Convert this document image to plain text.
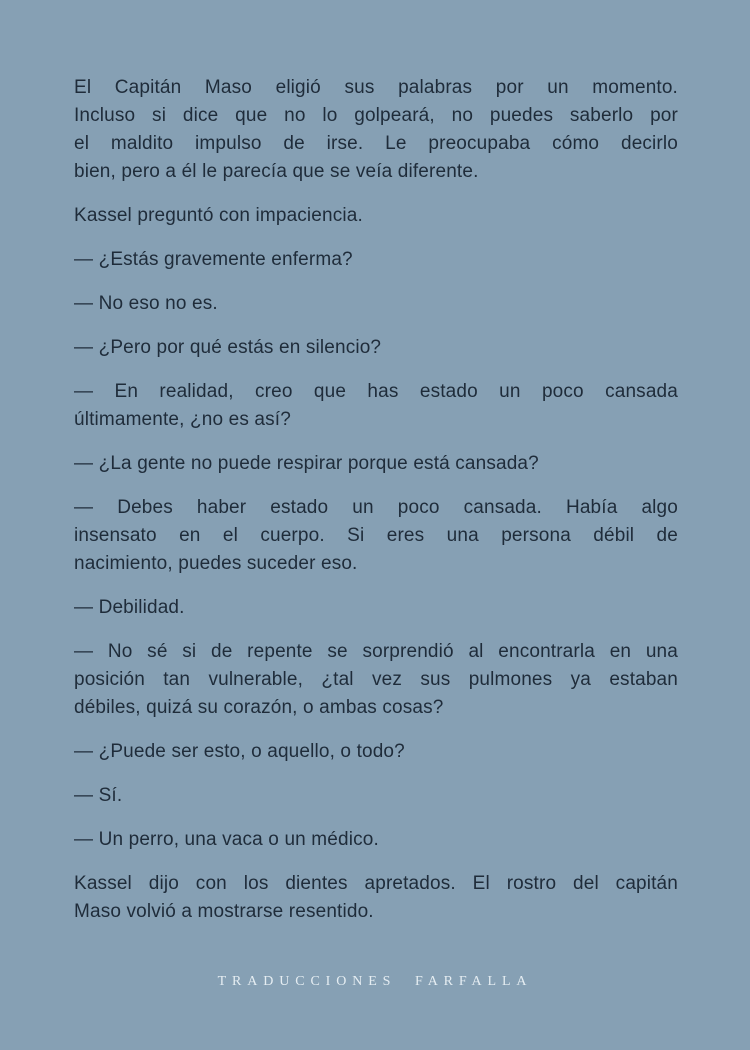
El Capitán Maso eligió sus palabras por un momento.
Incluso si dice que no lo golpeará, no puedes saberlo por
el maldito impulso de irse. Le preocupaba cómo decirlo
bien, pero a él le parecía que se veía diferente.
Kassel preguntó con impaciencia.
— ¿Estás gravemente enferma?
— No eso no es.
— ¿Pero por qué estás en silencio?
— En realidad, creo que has estado un poco cansada
últimamente, ¿no es así?
— ¿La gente no puede respirar porque está cansada?
— Debes haber estado un poco cansada. Había algo
insensato en el cuerpo. Si eres una persona débil de
nacimiento, puedes suceder eso.
— Debilidad.
— No sé si de repente se sorprendió al encontrarla en una
posición tan vulnerable, ¿tal vez sus pulmones ya estaban
débiles, quizá su corazón, o ambas cosas?
— ¿Puede ser esto, o aquello, o todo?
— Sí.
— Un perro, una vaca o un médico.
Kassel dijo con los dientes apretados. El rostro del capitán
Maso volvió a mostrarse resentido.
TRADUCCIONES  FARFALLA
